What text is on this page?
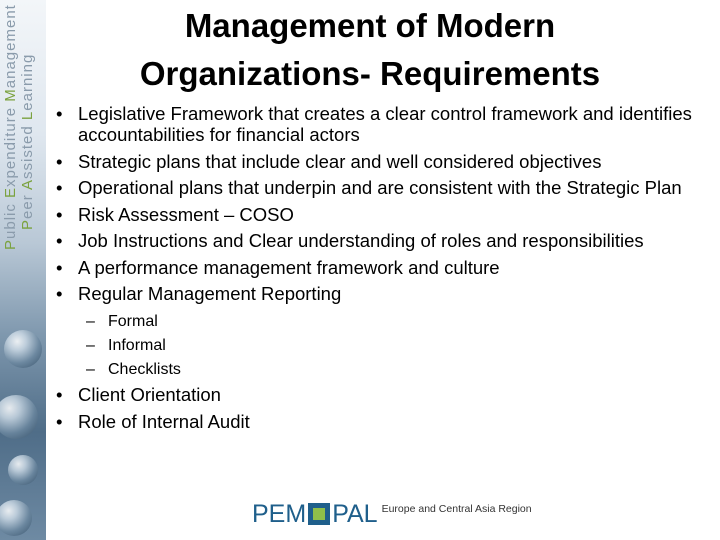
Public Expenditure Management
Peer Assisted Learning
Management of Modern
Organizations- Requirements
• Legislative Framework that creates a clear control framework and identifies accountabilities for financial actors
• Strategic plans that include clear and well considered objectives
• Operational plans that underpin and are consistent with the Strategic Plan
• Risk Assessment – COSO
• Job Instructions and Clear understanding of roles and responsibilities
• A performance management framework and culture
• Regular Management Reporting
– Formal
– Informal
– Checklists
• Client Orientation
• Role of Internal Audit
PEM PAL Europe and Central Asia Region
